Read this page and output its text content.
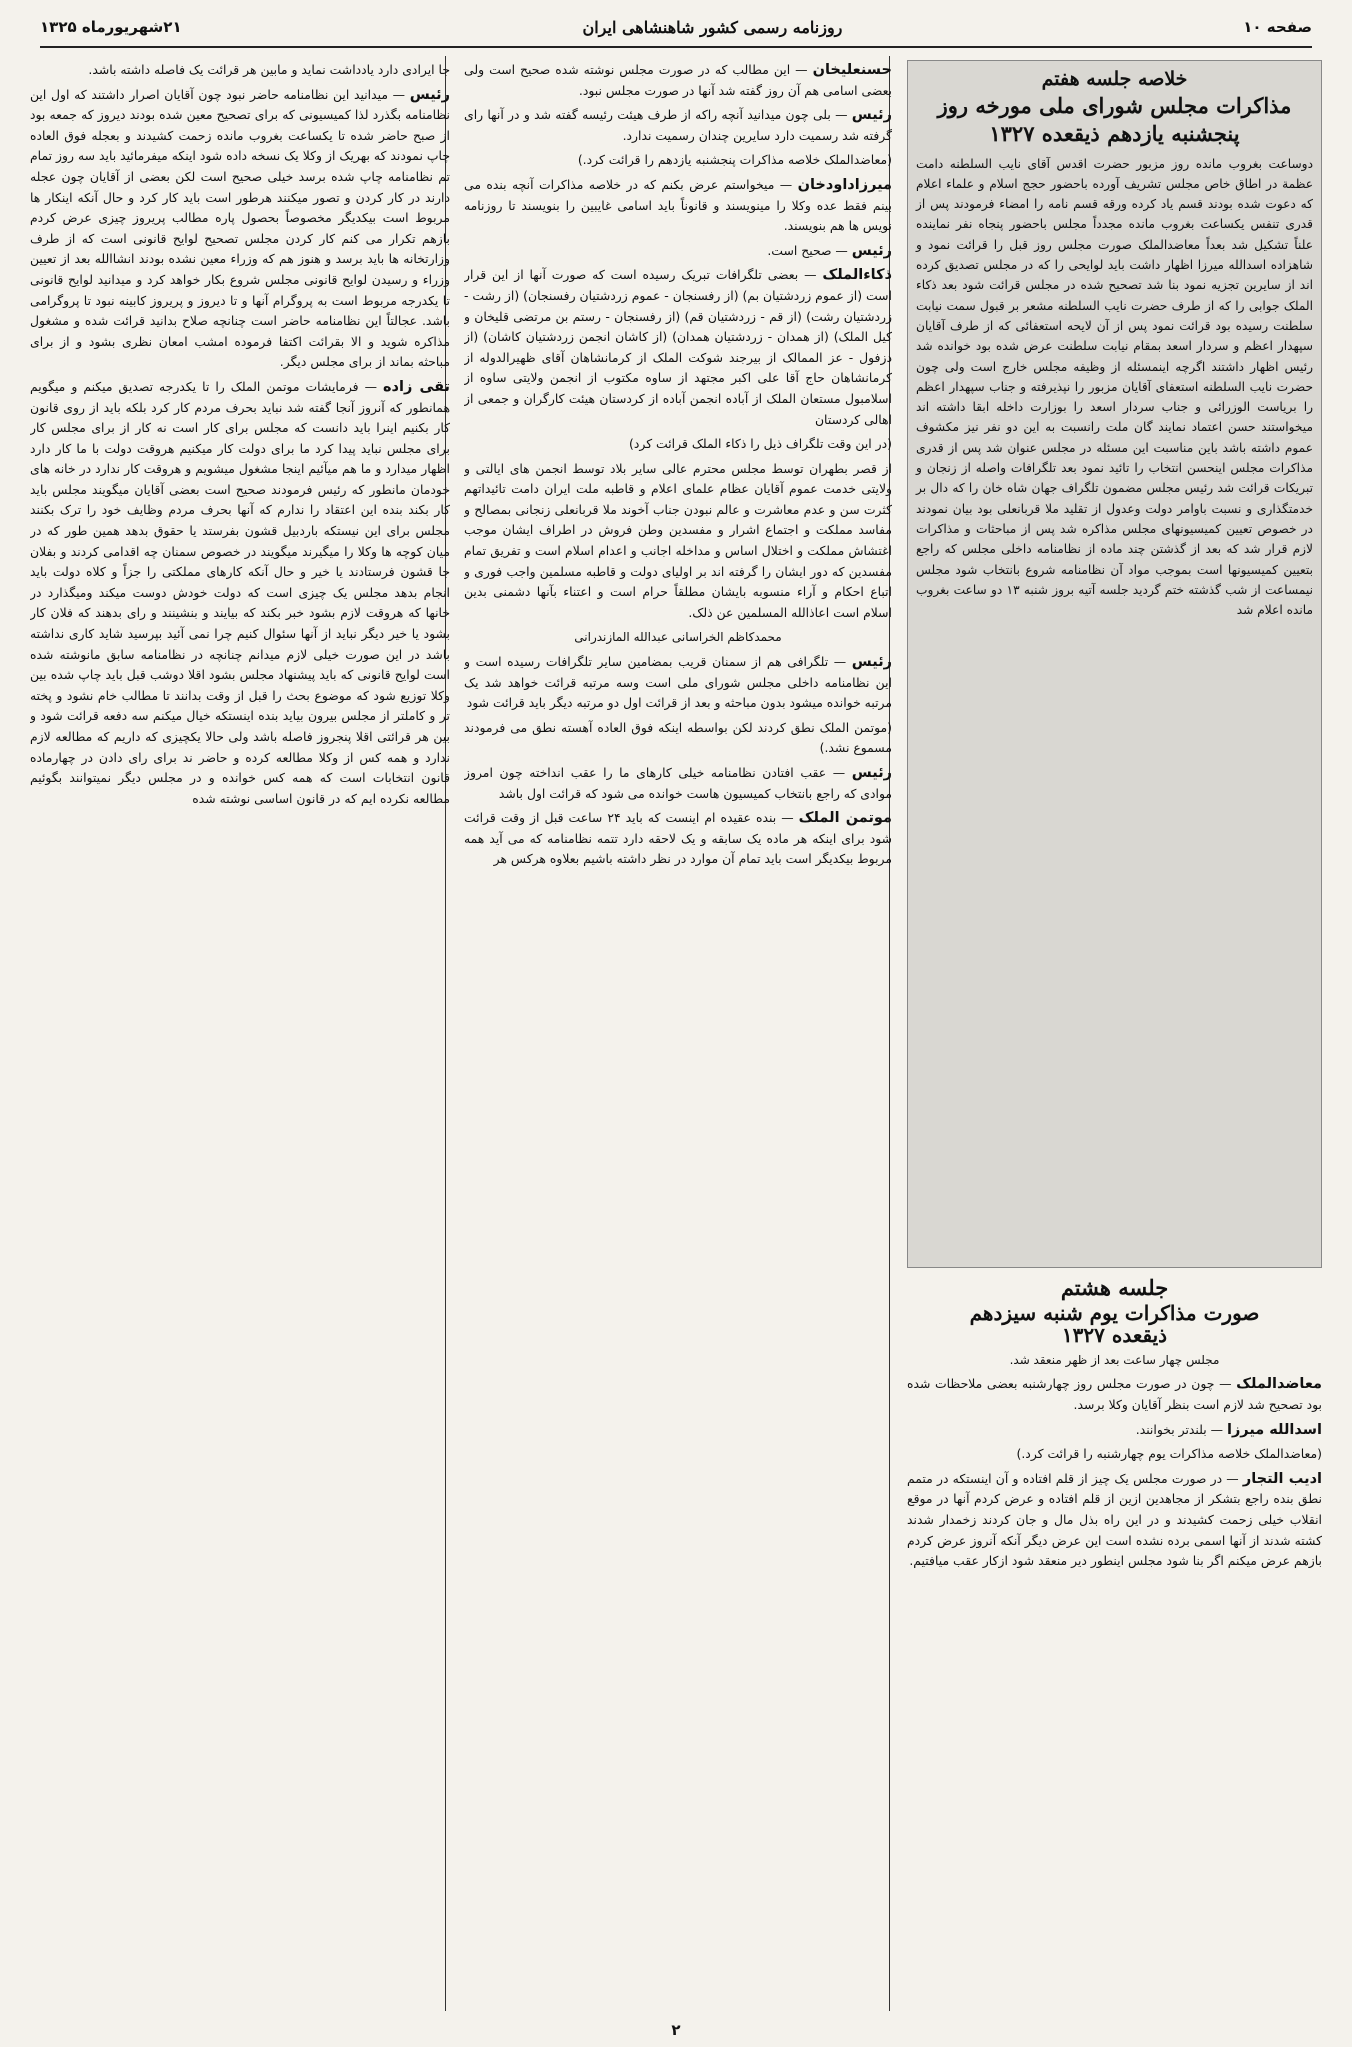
صفحه ۱۰
روزنامه رسمی کشور شاهنشاهی ایران
۲۱شهریورماه ۱۳۲۵
خلاصه جلسه هفتم
مذاکرات مجلس شورای ملی مورخه روز پنجشنبه یازدهم ذیقعده ۱۳۲۷
دوساعت بغروب مانده روز مزبور حضرت اقدس آقای نایب السلطنه دامت عظمة در اطاق خاص مجلس تشریف آورده باحضور حجج اسلام و علماء اعلام که دعوت شده بودند قسم یاد کرده ورقه قسم نامه را امضاء فرمودند پس از قدری تنفس یکساعت بغروب مانده مجدداً مجلس باحضور پنجاه نفر نماینده علناً تشکیل شد بعداً معاضدالملک صورت مجلس روز قبل را قرائت نمود و شاهزاده اسدالله میرزا اظهار داشت باید لوایحی را که در مجلس تصدیق کرده اند از سایرین تجزیه نمود بنا شد تصحیح شده در مجلس قرائت شود بعد ذکاء الملک جوابی را که از طرف حضرت نایب السلطنه مشعر بر قبول سمت نیابت سلطنت رسیده بود قرائت نمود پس از آن لایحه استعفائی که از طرف آقایان سپهدار اعظم و سردار اسعد بمقام نیابت سلطنت عرض شده بود خوانده شد رئیس اظهار داشتند اگرچه اینمسئله از وظیفه مجلس خارج است ولی چون حضرت نایب السلطنه استعفای آقایان مزبور را نپذیرفته و جناب سپهدار اعظم را بریاست الوزرائی و جناب سردار اسعد را بوزارت داخله ابقا داشته اند میخواستند حسن اعتماد نمایند گان ملت رانسبت به این دو نفر نیز مکشوف عموم داشته باشد باین مناسبت این مسئله در مجلس عنوان شد پس از قدری مذاکرات مجلس اینحسن انتخاب را تائید نمود بعد تلگرافات واصله از زنجان و تبریکات قرائت شد رئیس مجلس مضمون تلگراف جهان شاه خان را که دال بر خدمتگذاری و نسبت باوامر دولت وعدول از تقلید ملا قربانعلی بود بیان نمودند در خصوص تعیین کمیسیونهای مجلس مذاکره شد پس از مباحثات و مذاکرات لازم قرار شد که بعد از گذشتن چند ماده از نظامنامه داخلی مجلس که راجع بتعیین کمیسیونها است بموجب مواد آن نظامنامه شروع بانتخاب شود مجلس نیمساعت از شب گذشته ختم گردید جلسه آتیه بروز شنبه ۱۳ دو ساعت بغروب مانده اعلام شد
جلسه هشتم
صورت مذاکرات یوم شنبه سیزدهم
ذیقعده ۱۳۲۷
مجلس چهار ساعت بعد از ظهر منعقد شد.

معاضدالملک — چون در صورت مجلس روز چهارشنبه بعضی ملاحظات شده بود تصحیح شد لازم است بنظر آقایان وکلا برسد.

اسدالله میرزا — بلندتر بخوانند.

(معاضدالملک خلاصه مذاکرات یوم چهارشنبه را قرائت کرد.)

ادیب التجار — در صورت مجلس یک چیز از قلم افتاده و آن اینستکه در متمم نطق بنده راجع بتشکر از مجاهدین ازین از قلم افتاده و عرض کردم آنها در موقع انقلاب خیلی زحمت کشیدند و در این راه بذل مال و جان کردند زخمدار شدند کشته شدند از آنها اسمی برده نشده است این عرض دیگر آنکه آنروز عرض کردم بازهم عرض میکنم اگر بنا شود مجلس اینطور دیر منعقد شود ازکار عقب میافتیم.

حسنعلیخان — این مطالب که در صورت مجلس نوشته شده صحیح است ولی بعضی اسامی هم آن روز گفته شد آنها در صورت مجلس نبود.

رئیس — بلی چون میدانید آنچه راکه از طرف هیئت رئیسه گفته شد و در آنها رای گرفته شد رسمیت دارد سایرین چندان رسمیت ندارد.

(معاضدالملک خلاصه مذاکرات پنجشنبه یازدهم را قرائت کرد.)

میرزاداودخان — میخواستم عرض بکنم که در خلاصه مذاکرات آنچه بنده می بینم فقط عده وکلا را مینویسند و قانوناً باید اسامی غایبین را بنویسند تا روزنامه نویس ها هم بنویسند.

رئیس — صحیح است.

ذکاءالملک — بعضی تلگرافات تبریک رسیده است که صورت آنها از این قرار است (از عموم زردشتیان بم) (از رفسنجان - عموم زردشتیان رفسنجان) (از رشت - زردشتیان رشت) (از قم - زردشتیان قم) (از رفسنجان - رستم بن مرتضی قلیخان و کیل الملک) (از همدان - زردشتیان همدان) (از کاشان انجمن زردشتیان کاشان) (از دزفول - عز الممالک از بیرجند شوکت الملک از کرمانشاهان آقای ظهیرالدوله از کرمانشاهان حاج آقا علی اکبر مجتهد از ساوه مکتوب از انجمن ولایتی ساوه از اسلامبول مستعان الملک از آباده انجمن آباده از کردستان هیئت کارگران و جمعی از اهالی کردستان

(در این وقت تلگراف ذیل را ذکاء الملک قرائت کرد)

از قصر بطهران توسط مجلس محترم عالی سایر بلاد توسط انجمن های ایالتی و ولایتی خدمت عموم آقایان عظام علمای اعلام و قاطبه ملت ایران دامت تائیداتهم کثرت سن و عدم معاشرت و عالم نبودن جناب آخوند ملا قربانعلی زنجانی بمصالح و مفاسد مملکت و اجتماع اشرار و مفسدین وطن فروش در اطراف ایشان موجب اغتشاش مملکت و اختلال اساس و مداخله اجانب و اعدام اسلام است و تفریق تمام مفسدین که دور ایشان را گرفته اند بر اولیای دولت و قاطبه مسلمین واجب فوری و اتباع احکام و آراء منسوبه بایشان مطلقاً حرام است و اعتناء بآنها دشمنی بدین اسلام است اعاذالله المسلمین عن ذلک.

محمدکاظم الخراسانی عبدالله المازندرانی

رئیس — تلگرافی هم از سمنان قریب بمضامین سایر تلگرافات رسیده است و این نظامنامه داخلی مجلس شورای ملی است وسه مرتبه قرائت خواهد شد یک مرتبه خوانده میشود بدون مباحثه و بعد از قرائت اول دو مرتبه دیگر باید قرائت شود

(موتمن الملک نطق کردند لکن بواسطه اینکه فوق العاده آهسته نطق می فرمودند مسموع نشد.)

رئیس — عقب افتادن نظامنامه خیلی کارهای ما را عقب انداخته چون امروز موادی که راجع بانتخاب کمیسیون هاست خوانده می شود که قرائت اول باشد

موتمن الملک — بنده عقیده ام اینست که باید ۲۴ ساعت قبل از وقت قرائت شود برای اینکه هر ماده یک سابقه و یک لاحقه دارد تتمه نظامنامه که می آید همه مربوط بیکدیگر است باید تمام آن موارد در نظر داشته باشیم بعلاوه هرکس هر

جا ایرادی دارد یادداشت نماید و مابین هر قرائت یک فاصله داشته باشد.

رئیس — میدانید این نظامنامه حاضر نبود چون آقایان اصرار داشتند که اول این نظامنامه بگذرد لذا کمیسیونی که برای تصحیح معین شده بودند دیروز که جمعه بود از صبح حاضر شده تا یکساعت بغروب مانده زحمت کشیدند و بعجله فوق العاده چاپ نمودند که بهریک از وکلا یک نسخه داده شود اینکه میفرمائید باید سه روز تمام تم نظامنامه چاپ شده برسد خیلی صحیح است لکن بعضی از آقایان چون عجله دارند در کار کردن و تصور میکنند هرطور است باید کار کرد و حال آنکه اینکار ها مربوط است بیکدیگر مخصوصاً بحصول پاره مطالب پریروز چیزی عرض کردم بازهم تکرار می کنم کار کردن مجلس تصحیح لوایح قانونی است که از طرف وزارتخانه ها باید برسد و هنوز هم که وزراء معین نشده بودند انشاالله بعد از تعیین وزراء و رسیدن لوایح قانونی مجلس شروع بکار خواهد کرد و میدانید لوایح قانونی تا یکدرجه مربوط است به پروگرام آنها و تا دیروز و پریروز کابینه نبود تا پروگرامی باشد. عجالتاً این نظامنامه حاضر است چنانچه صلاح بدانید قرائت شده و مشغول مذاکره شوید و الا بقرائت اکتفا فرموده امشب امعان نظری بشود و از برای مباحثه بماند از برای مجلس دیگر.

تقی زاده — فرمایشات موتمن الملک را تا یکدرجه تصدیق میکنم و میگویم همانطور که آنروز آنجا گفته شد نباید بحرف مردم کار کرد بلکه باید از روی قانون کار بکنیم اینرا باید دانست که مجلس برای کار است نه کار از برای مجلس کار برای مجلس نباید پیدا کرد ما برای دولت کار میکنیم هروقت دولت با ما کار دارد اظهار میدارد و ما هم میآئیم اینجا مشغول میشویم و هروقت کار ندارد در خانه های خودمان مانطور که رئیس فرمودند صحیح است بعضی آقایان میگویند مجلس باید کار بکند بنده این اعتقاد را ندارم که آنها بحرف مردم وظایف خود را ترک بکنند مجلس برای این نیستکه باردبیل قشون بفرستد یا حقوق بدهد همین طور که در میان کوچه ها وکلا را میگیرند میگویند در خصوص سمنان چه اقدامی کردند و بفلان جا قشون فرستادند یا خیر و حال آنکه کارهای مملکتی را جزاً و کلاه دولت باید انجام بدهد مجلس یک چیزی است که دولت خودش دوست میکند ومیگذارد در خانها که هروقت لازم بشود خبر بکند که بیایند و بنشینند و رای بدهند که فلان کار بشود یا خیر دیگر نباید از آنها سئوال کنیم چرا نمی آئید بپرسید شاید کاری نداشته باشد در این صورت خیلی لازم میدانم چنانچه در نظامنامه سابق مانوشته شده است لوایح قانونی که باید پیشنهاد مجلس بشود اقلا دوشب قبل باید چاپ شده بین وکلا توزیع شود که موضوع بحث را قبل از وقت بدانند تا مطالب خام نشود و پخته تر و کاملتر از مجلس بیرون بیاید بنده اینستکه خیال میکنم سه دفعه قرائت شود و بین هر قرائتی اقلا پنجروز فاصله باشد ولی حالا یکچیزی که داریم که مطالعه لازم ندارد و همه کس از وکلا مطالعه کرده و حاضر ند برای رای دادن در چهارماده قانون انتخابات است که همه کس خوانده و در مجلس دیگر نمیتوانند بگوئیم مطالعه نکرده ایم که در قانون اساسی نوشته شده

۲
